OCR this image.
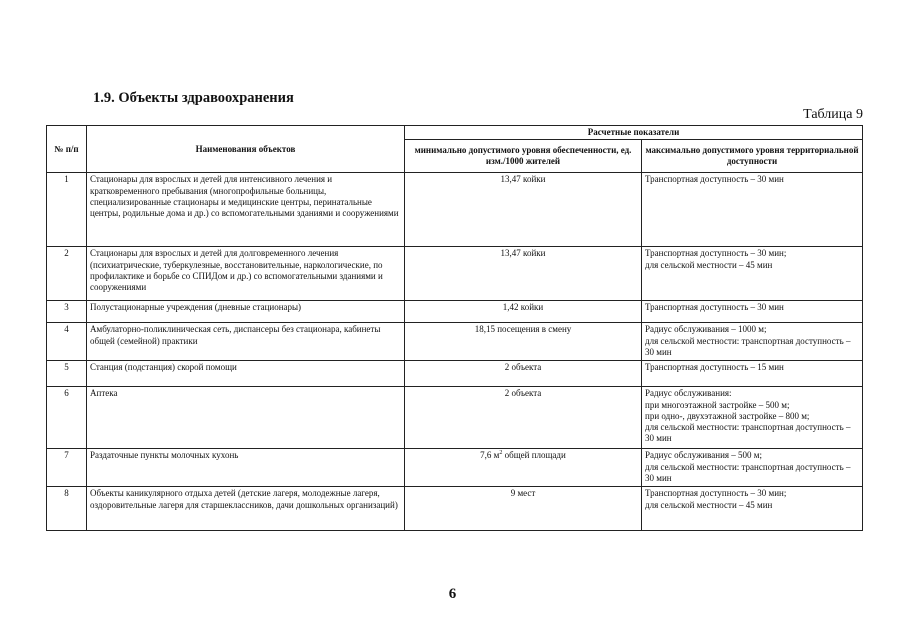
1.9. Объекты здравоохранения
Таблица 9
№ п/п	Наименования объектов	Расчетные показатели	
		минимально допустимого уровня обеспеченности, ед. изм./1000 жителей	максимально допустимого уровня территориальной доступности
1	Стационары для взрослых и детей для интенсивного лечения и кратковременного пребывания (многопрофильные больницы, специализированные стационары и медицинские центры, перинатальные центры, родильные дома и др.) со вспомогательными зданиями и сооружениями	13,47 койки	Транспортная доступность – 30 мин
2	Стационары для взрослых и детей для долговременного лечения (психиатрические, туберкулезные, восстановительные, наркологические, по профилактике и борьбе со СПИДом и др.) со вспомогательными зданиями и сооружениями	13,47 койки	Транспортная доступность – 30 мин;
для сельской местности – 45 мин
3	Полустационарные учреждения (дневные стационары)	1,42 койки	Транспортная доступность – 30 мин
4	Амбулаторно-поликлиническая сеть, диспансеры без стационара, кабинеты общей (семейной) практики	18,15 посещения в смену	Радиус обслуживания – 1000 м;
для сельской местности: транспортная доступность – 30 мин
5	Станция (подстанция) скорой помощи	2 объекта	Транспортная доступность – 15 мин
6	Аптека	2 объекта	Радиус обслуживания:
при многоэтажной застройке – 500 м;
при одно-, двухэтажной застройке – 800 м;
для сельской местности: транспортная доступность – 30 мин
7	Раздаточные пункты молочных кухонь	7,6 $м^2$ общей площади	Радиус обслуживания – 500 м;
для сельской местности: транспортная доступность – 30 мин
8	Объекты каникулярного отдыха детей (детские лагеря, молодежные лагеря, оздоровительные лагеря для старшеклассников, дачи дошкольных организаций)	9 мест	Транспортная доступность – 30 мин;
для сельской местности – 45 мин
6
